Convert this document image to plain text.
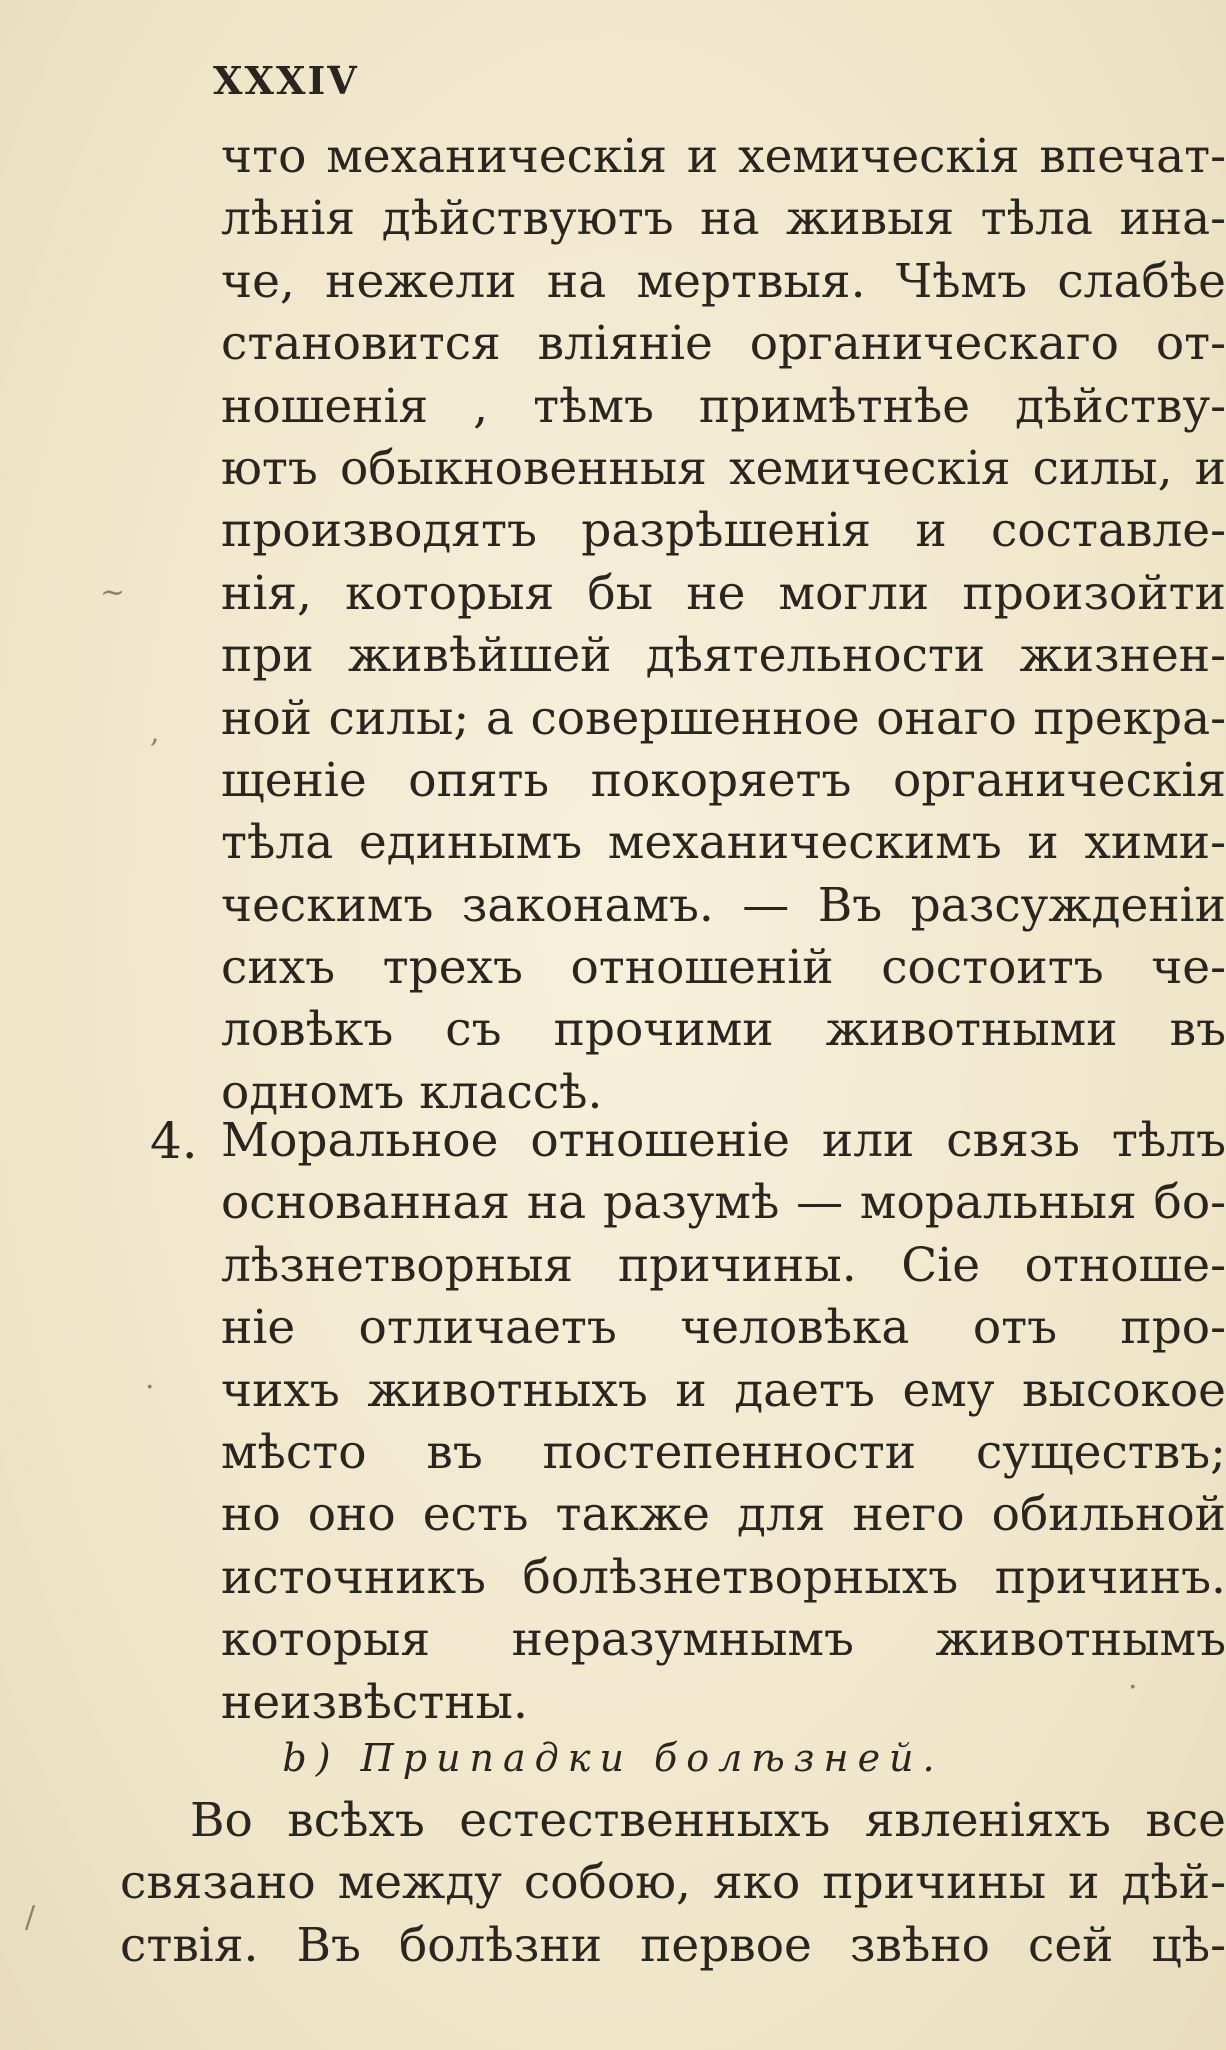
XXXIV
что механическія и хемическія впечат-
лѣнія дѣйствуютъ на живыя тѣла ина-
че, нежели на мертвыя. Чѣмъ слабѣе
становится вліяніе органическаго от-
ношенія , тѣмъ примѣтнѣе дѣйству-
ютъ обыкновенныя хемическія силы, и
производятъ разрѣшенія и составле-
нія, которыя бы не могли произойти
при живѣйшей дѣятельности жизнен-
ной силы; а совершенное онаго прекра-
щеніе опять покоряетъ органическія
тѣла единымъ механическимъ и хими-
ческимъ законамъ. — Въ разсужденіи
сихъ трехъ отношеній состоитъ че-
ловѣкъ съ прочими животными въ
одномъ классѣ.
4. Моральное отношеніе или связь тѣлъ
основанная на разумѣ — моральныя бо-
лѣзнетворныя причины. Сіе отноше-
ніе отличаетъ человѣка отъ про-
чихъ животныхъ и даетъ ему высокое
мѣсто въ постепенности существъ;
но оно есть также для него обильной
источникъ болѣзнетворныхъ причинъ.
которыя неразумнымъ животнымъ
неизвѣстны.
b) Припадки болѣзней.
Во всѣхъ естественныхъ явленіяхъ все
связано между собою, яко причины и дѣй-
ствія. Въ болѣзни первое звѣно сей цѣ-
~
,
·
·
/
